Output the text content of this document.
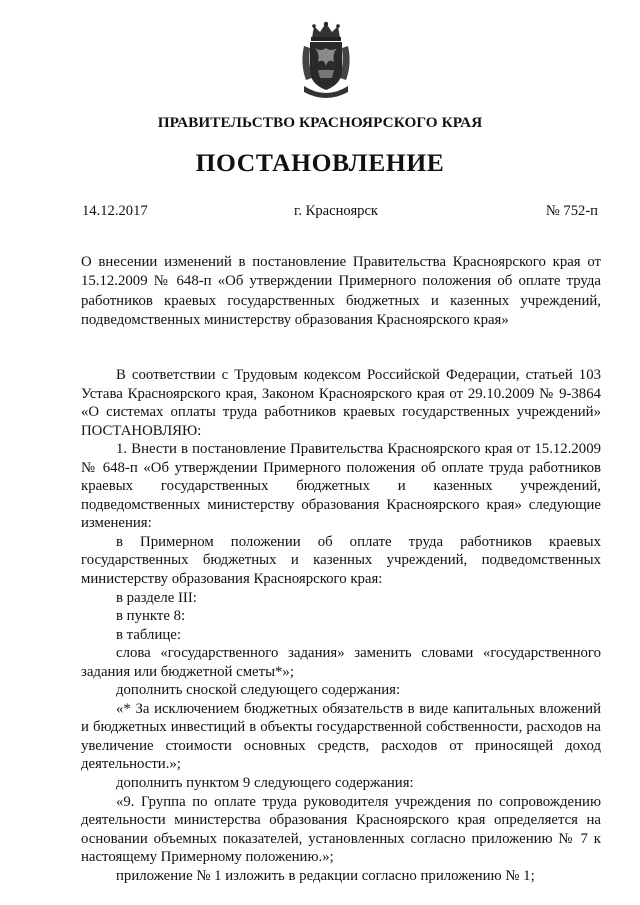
ПРАВИТЕЛЬСТВО КРАСНОЯРСКОГО КРАЯ
ПОСТАНОВЛЕНИЕ
14.12.2017	г. Красноярск	№ 752-п
О внесении изменений в постановление Правительства Красноярского края от 15.12.2009 № 648-п «Об утверждении Примерного положения об оплате труда работников краевых государственных бюджетных и казенных учреждений, подведомственных министерству образования Красноярского края»

В соответствии с Трудовым кодексом Российской Федерации, статьей 103 Устава Красноярского края, Законом Красноярского края от 29.10.2009 № 9-3864 «О системах оплаты труда работников краевых государственных учреждений» ПОСТАНОВЛЯЮ:

1. Внести в постановление Правительства Красноярского края от 15.12.2009 № 648-п «Об утверждении Примерного положения об оплате труда работников краевых государственных бюджетных и казенных учреждений, подведомственных министерству образования Красноярского края» следующие изменения:

в Примерном положении об оплате труда работников краевых государственных бюджетных и казенных учреждений, подведомственных министерству образования Красноярского края:

в разделе III:

в пункте 8:

в таблице:

слова «государственного задания» заменить словами «государственного задания или бюджетной сметы*»;

дополнить сноской следующего содержания:

«* За исключением бюджетных обязательств в виде капитальных вложений и бюджетных инвестиций в объекты государственной собственности, расходов на увеличение стоимости основных средств, расходов от приносящей доход деятельности.»;

дополнить пунктом 9 следующего содержания:

«9. Группа по оплате труда руководителя учреждения по сопровождению деятельности министерства образования Красноярского края определяется на основании объемных показателей, установленных согласно приложению № 7 к настоящему Примерному положению.»;

приложение № 1 изложить в редакции согласно приложению № 1;
